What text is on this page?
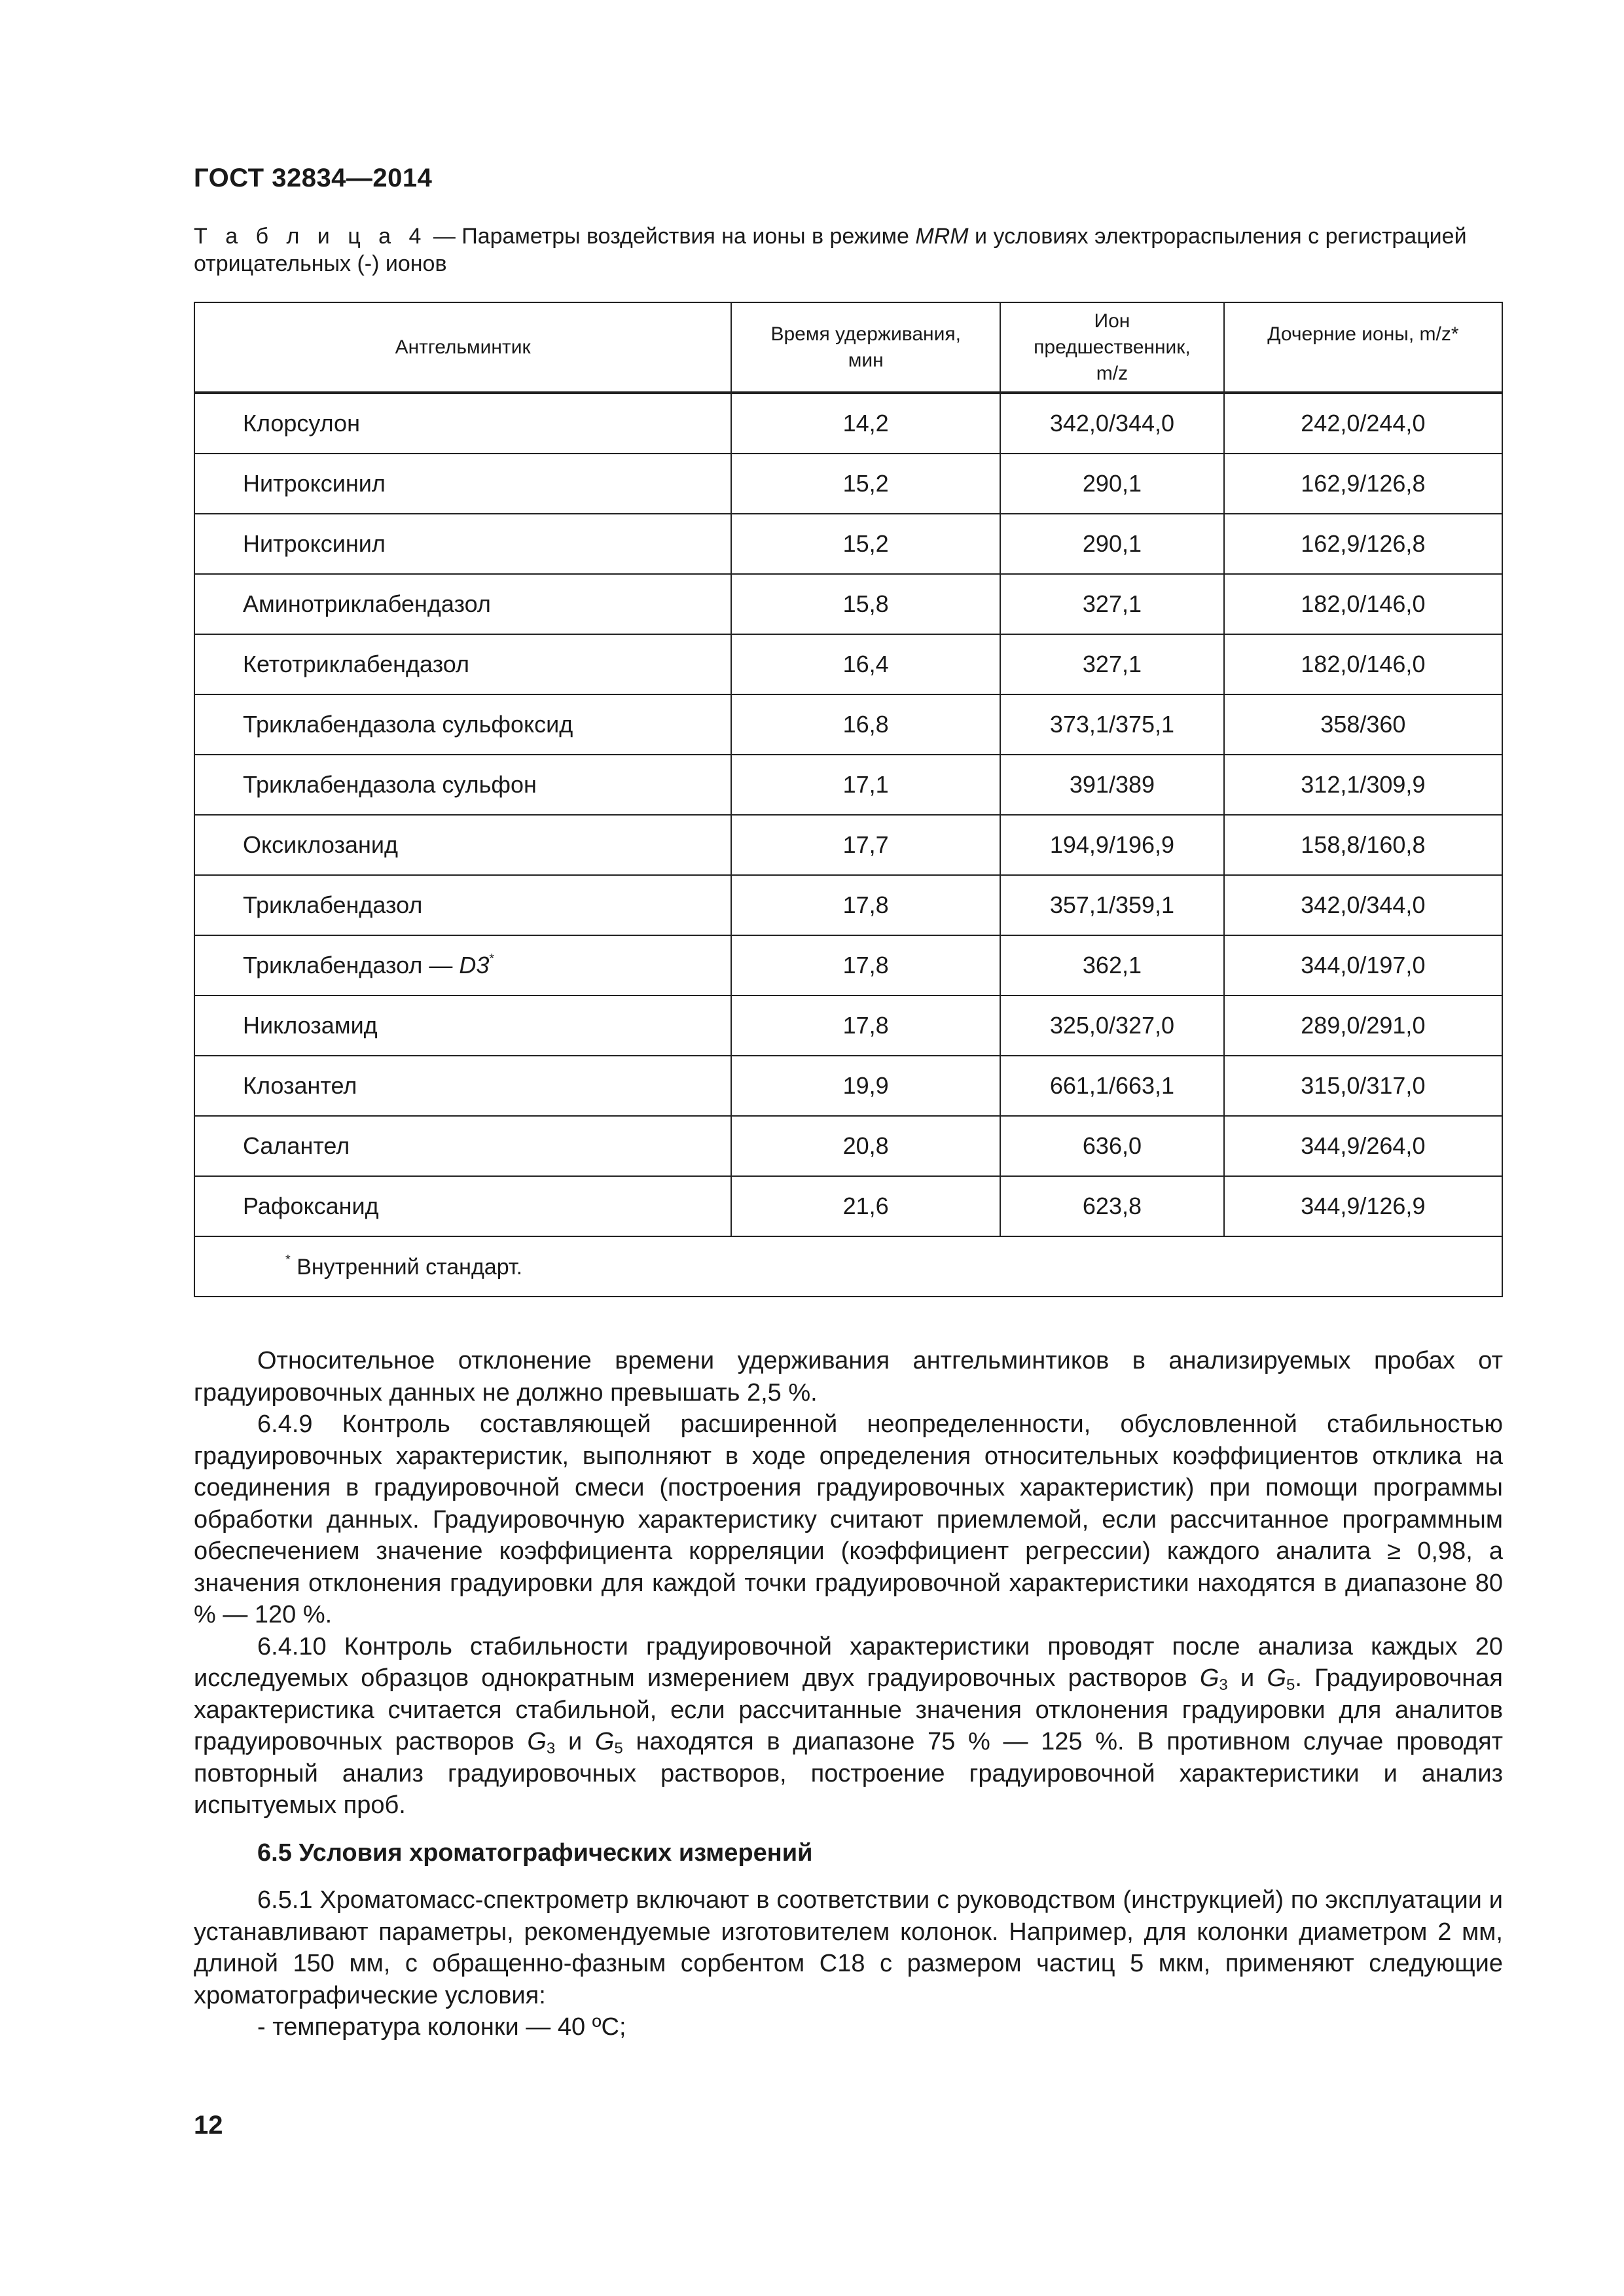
ГОСТ 32834—2014
Т а б л и ц а 4 — Параметры воздействия на ионы в режиме MRM и условиях электрораспыления с регистрацией отрицательных (-) ионов
Антгельминтик	Время удерживания, мин	Ион предшественник, m/z	Дочерние ионы, m/z*

Клорсулон	14,2	342,0/344,0	242,0/244,0
Нитроксинил	15,2	290,1	162,9/126,8
Нитроксинил	15,2	290,1	162,9/126,8
Аминотриклабендазол	15,8	327,1	182,0/146,0
Кетотриклабендазол	16,4	327,1	182,0/146,0
Триклабендазола сульфоксид	16,8	373,1/375,1	358/360
Триклабендазола сульфон	17,1	391/389	312,1/309,9
Оксиклозанид	17,7	194,9/196,9	158,8/160,8
Триклабендазол	17,8	357,1/359,1	342,0/344,0
Триклабендазол — D3*	17,8	362,1	344,0/197,0
Никлозамид	17,8	325,0/327,0	289,0/291,0
Клозантел	19,9	661,1/663,1	315,0/317,0
Салантел	20,8	636,0	344,9/264,0
Рафоксанид	21,6	623,8	344,9/126,9
* Внутренний стандарт.			

Относительное отклонение времени удерживания антгельминтиков в анализируемых пробах от градуировочных данных не должно превышать 2,5 %.

6.4.9 Контроль составляющей расширенной неопределенности, обусловленной стабильностью градуировочных характеристик, выполняют в ходе определения относительных коэффициентов отклика на соединения в градуировочной смеси (построения градуировочных характеристик) при помощи программы обработки данных. Градуировочную характеристику считают приемлемой, если рассчитанное программным обеспечением значение коэффициента корреляции (коэффициент регрессии) каждого аналита ≥ 0,98, а значения отклонения градуировки для каждой точки градуировочной характеристики находятся в диапазоне 80 % — 120 %.

6.4.10 Контроль стабильности градуировочной характеристики проводят после анализа каждых 20 исследуемых образцов однократным измерением двух градуировочных растворов $G_3$ и $G_5$. Градуировочная характеристика считается стабильной, если рассчитанные значения отклонения градуировки для аналитов градуировочных растворов $G_3$ и $G_5$ находятся в диапазоне 75 % — 125 %. В противном случае проводят повторный анализ градуировочных растворов, построение градуировочной характеристики и анализ испытуемых проб.

6.5 Условия хроматографических измерений

6.5.1 Хроматомасс-спектрометр включают в соответствии с руководством (инструкцией) по эксплуатации и устанавливают параметры, рекомендуемые изготовителем колонок. Например, для колонки диаметром 2 мм, длиной 150 мм, с обращенно-фазным сорбентом С18 с размером частиц 5 мкм, применяют следующие хроматографические условия:

- температура колонки — 40 ºС;

12
